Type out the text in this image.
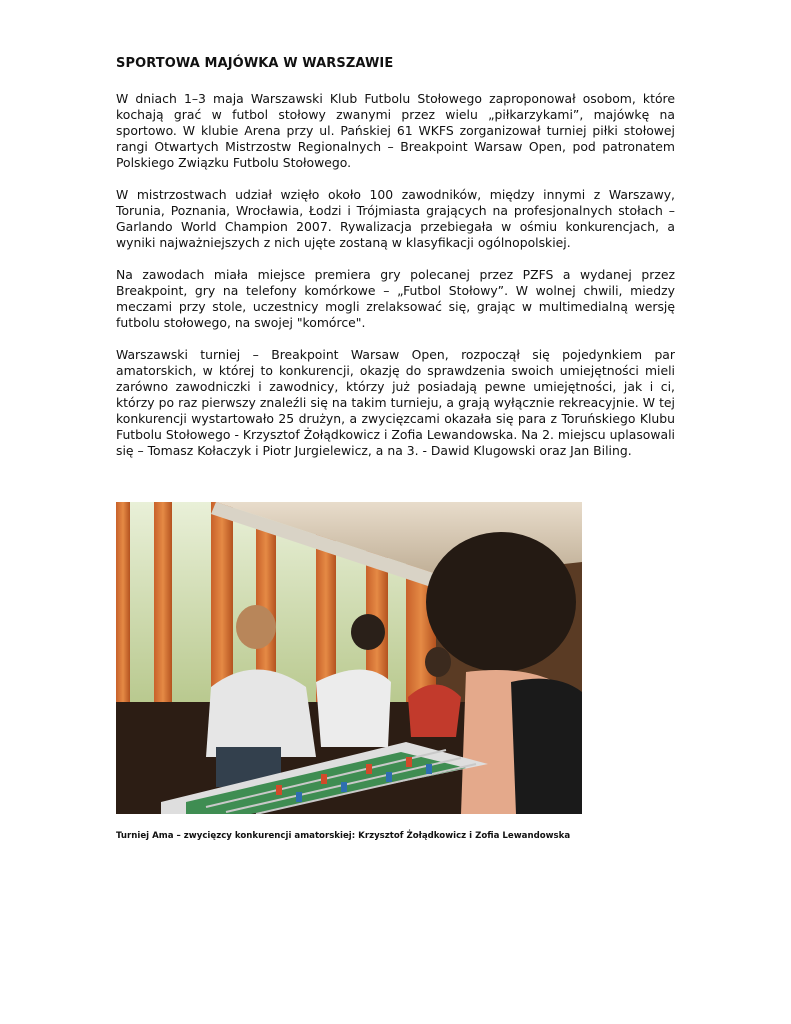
SPORTOWA MAJÓWKA W WARSZAWIE

W dniach 1–3 maja Warszawski Klub Futbolu Stołowego zaproponował osobom, które kochają grać w futbol stołowy zwanymi przez wielu „piłkarzykami”, majówkę na sportowo. W klubie Arena przy ul. Pańskiej 61 WKFS zorganizował turniej piłki stołowej rangi Otwartych Mistrzostw Regionalnych – Breakpoint Warsaw Open, pod patronatem Polskiego Związku Futbolu Stołowego.

W mistrzostwach udział wzięło około 100 zawodników, między innymi z Warszawy, Torunia, Poznania, Wrocławia, Łodzi i Trójmiasta grających na profesjonalnych stołach – Garlando World Champion 2007. Rywalizacja przebiegała w ośmiu konkurencjach, a wyniki najważniejszych z nich ujęte zostaną w klasyfikacji ogólnopolskiej.

Na zawodach miała miejsce premiera gry polecanej przez PZFS a wydanej przez Breakpoint, gry na telefony komórkowe – „Futbol Stołowy”. W wolnej chwili, miedzy meczami przy stole, uczestnicy mogli zrelaksować się, grając w multimedialną wersję futbolu stołowego, na swojej "komórce".

Warszawski turniej – Breakpoint Warsaw Open, rozpoczął się pojedynkiem par amatorskich, w której to konkurencji, okazję do sprawdzenia swoich umiejętności mieli zarówno zawodniczki i zawodnicy, którzy już posiadają pewne umiejętności, jak i ci, którzy po raz pierwszy znaleźli się na takim turnieju, a grają wyłącznie rekreacyjnie. W tej konkurencji wystartowało 25 drużyn, a zwycięzcami okazała się para z Toruńskiego Klubu Futbolu Stołowego - Krzysztof Żołądkowicz i Zofia Lewandowska. Na 2. miejscu uplasowali się – Tomasz Kołaczyk i Piotr Jurgielewicz, a na 3. - Dawid Klugowski oraz Jan Biling.

Turniej Ama – zwycięzcy konkurencji amatorskiej: Krzysztof Żołądkowicz i Zofia Lewandowska
